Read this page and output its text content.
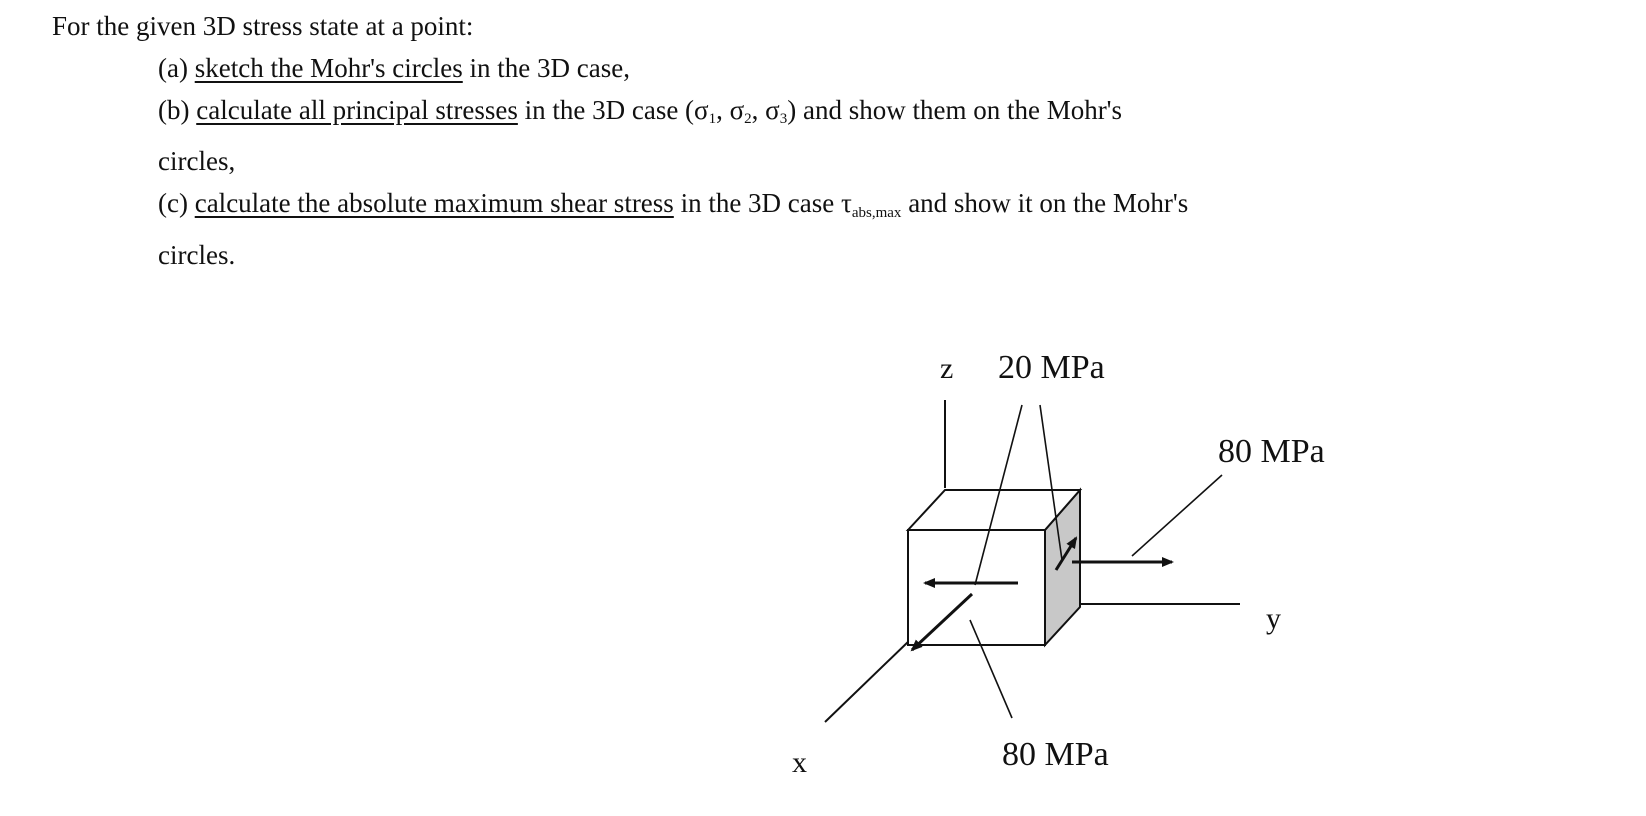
For the given 3D stress state at a point:

(a) sketch the Mohr's circles in the 3D case,

(b) calculate all principal stresses in the 3D case ($\sigma_1$, $\sigma_2$, $\sigma_3$) and show them on the Mohr's
circles,

(c) calculate the absolute maximum shear stress in the 3D case τabs,max and show it on the Mohr's
circles.

z 20 MPa
80 MPa
y
x	80 MPa
